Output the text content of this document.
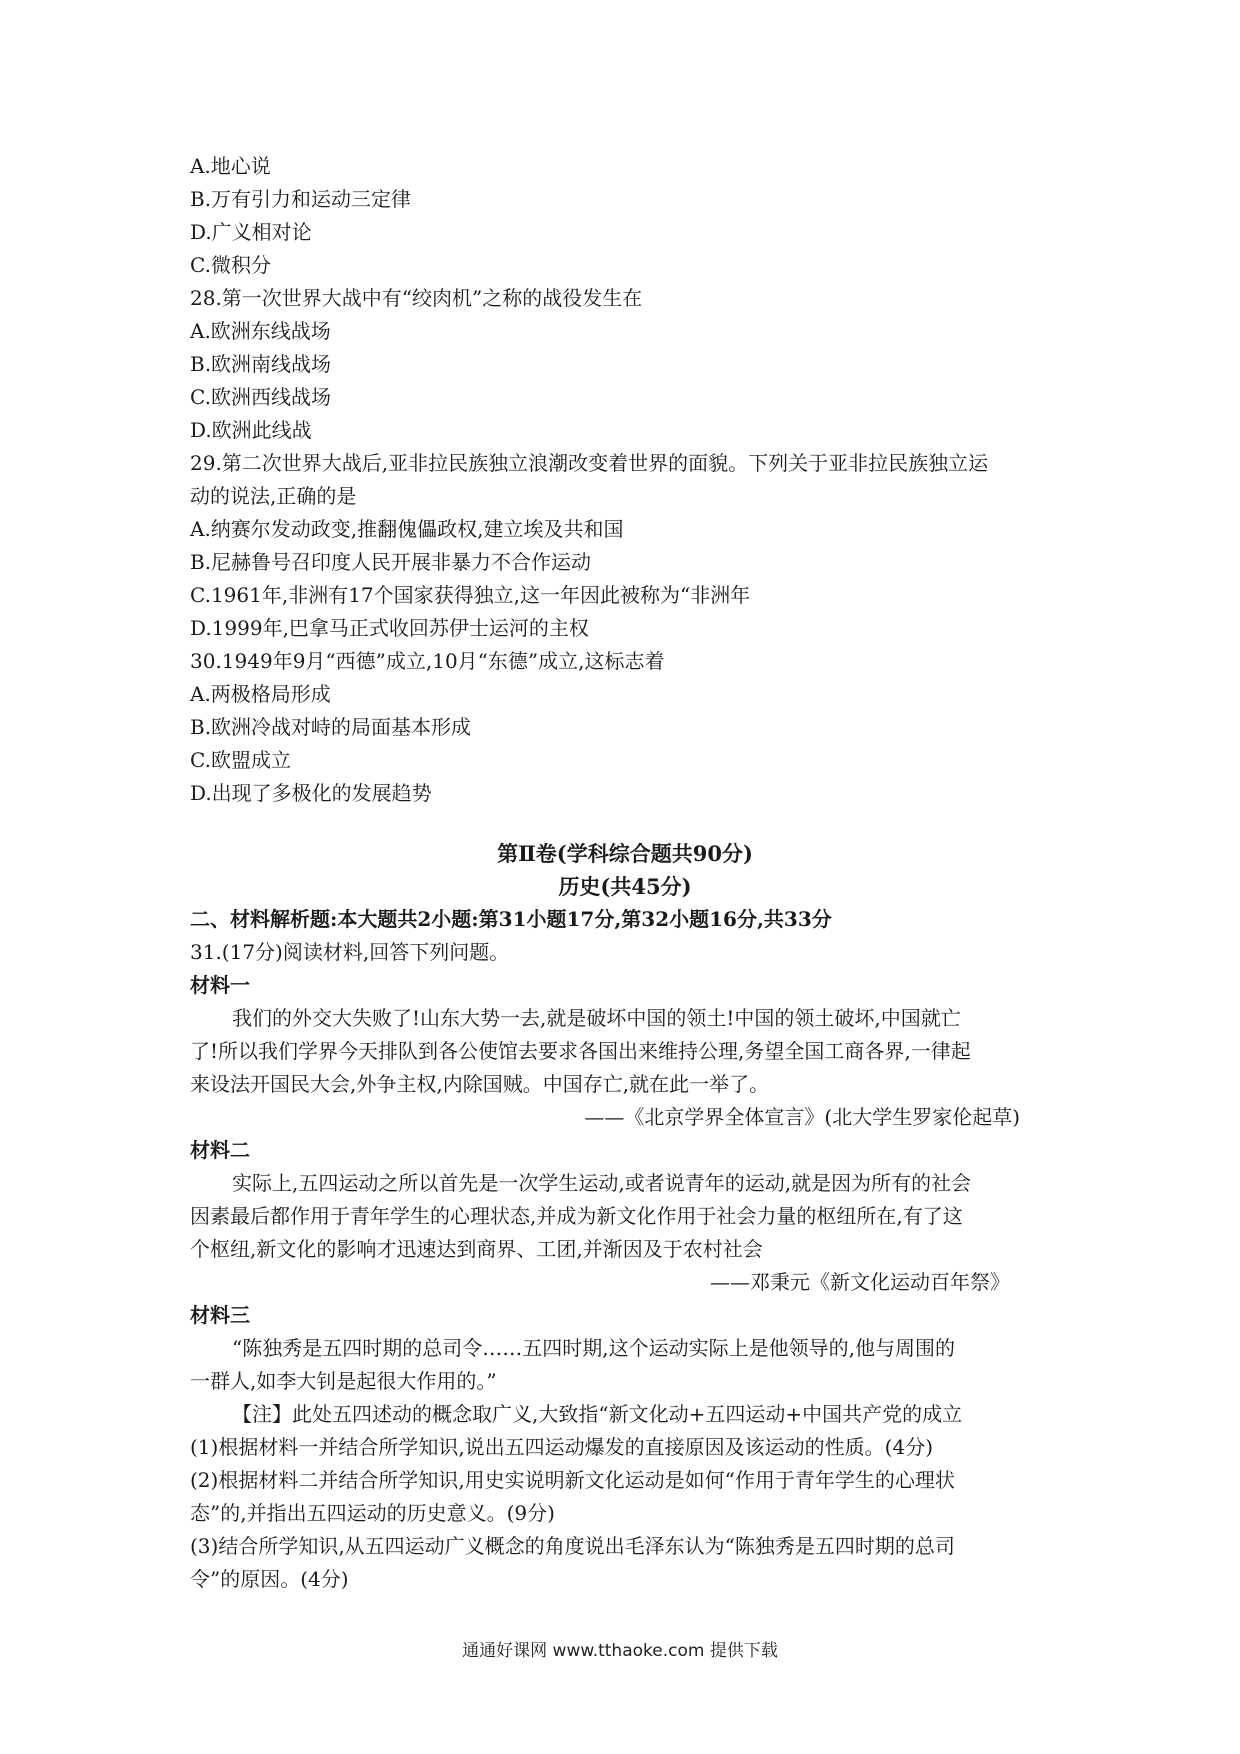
A.地心说

B.万有引力和运动三定律

D.广义相对论

C.微积分

28.第一次世界大战中有“绞肉机”之称的战役发生在

A.欧洲东线战场

B.欧洲南线战场

C.欧洲西线战场

D.欧洲此线战

29.第二次世界大战后,亚非拉民族独立浪潮改变着世界的面貌。下列关于亚非拉民族独立运

动的说法,正确的是

A.纳赛尔发动政变,推翻傀儡政权,建立埃及共和国

B.尼赫鲁号召印度人民开展非暴力不合作运动

C.1961年,非洲有17个国家获得独立,这一年因此被称为“非洲年

D.1999年,巴拿马正式收回苏伊士运河的主权

30.1949年9月“西德”成立,10月“东德”成立,这标志着

A.两极格局形成

B.欧洲冷战对峙的局面基本形成

C.欧盟成立

D.出现了多极化的发展趋势

第Ⅱ卷(学科综合题共90分)

历史(共45分)

二、材料解析题:本大题共2小题:第31小题17分,第32小题16分,共33分

31.(17分)阅读材料,回答下列问题。

材料一

我们的外交大失败了!山东大势一去,就是破坏中国的领土!中国的领土破坏,中国就亡

了!所以我们学界今天排队到各公使馆去要求各国出来维持公理,务望全国工商各界,一律起

来设法开国民大会,外争主权,内除国贼。中国存亡,就在此一举了。

——《北京学界全体宣言》(北大学生罗家伦起草)

材料二

实际上,五四运动之所以首先是一次学生运动,或者说青年的运动,就是因为所有的社会

因素最后都作用于青年学生的心理状态,并成为新文化作用于社会力量的枢纽所在,有了这

个枢纽,新文化的影响才迅速达到商界、工团,并渐因及于农村社会

——邓秉元《新文化运动百年祭》

材料三

“陈独秀是五四时期的总司令……五四时期,这个运动实际上是他领导的,他与周围的

一群人,如李大钊是起很大作用的。”

【注】此处五四述动的概念取广义,大致指“新文化动+五四运动+中国共产党的成立

(1)根据材料一并结合所学知识,说出五四运动爆发的直接原因及该运动的性质。(4分)

(2)根据材料二并结合所学知识,用史实说明新文化运动是如何“作用于青年学生的心理状

态”的,并指出五四运动的历史意义。(9分)

(3)结合所学知识,从五四运动广义概念的角度说出毛泽东认为“陈独秀是五四时期的总司

令”的原因。(4分)

通通好课网 www.tthaoke.com 提供下载
